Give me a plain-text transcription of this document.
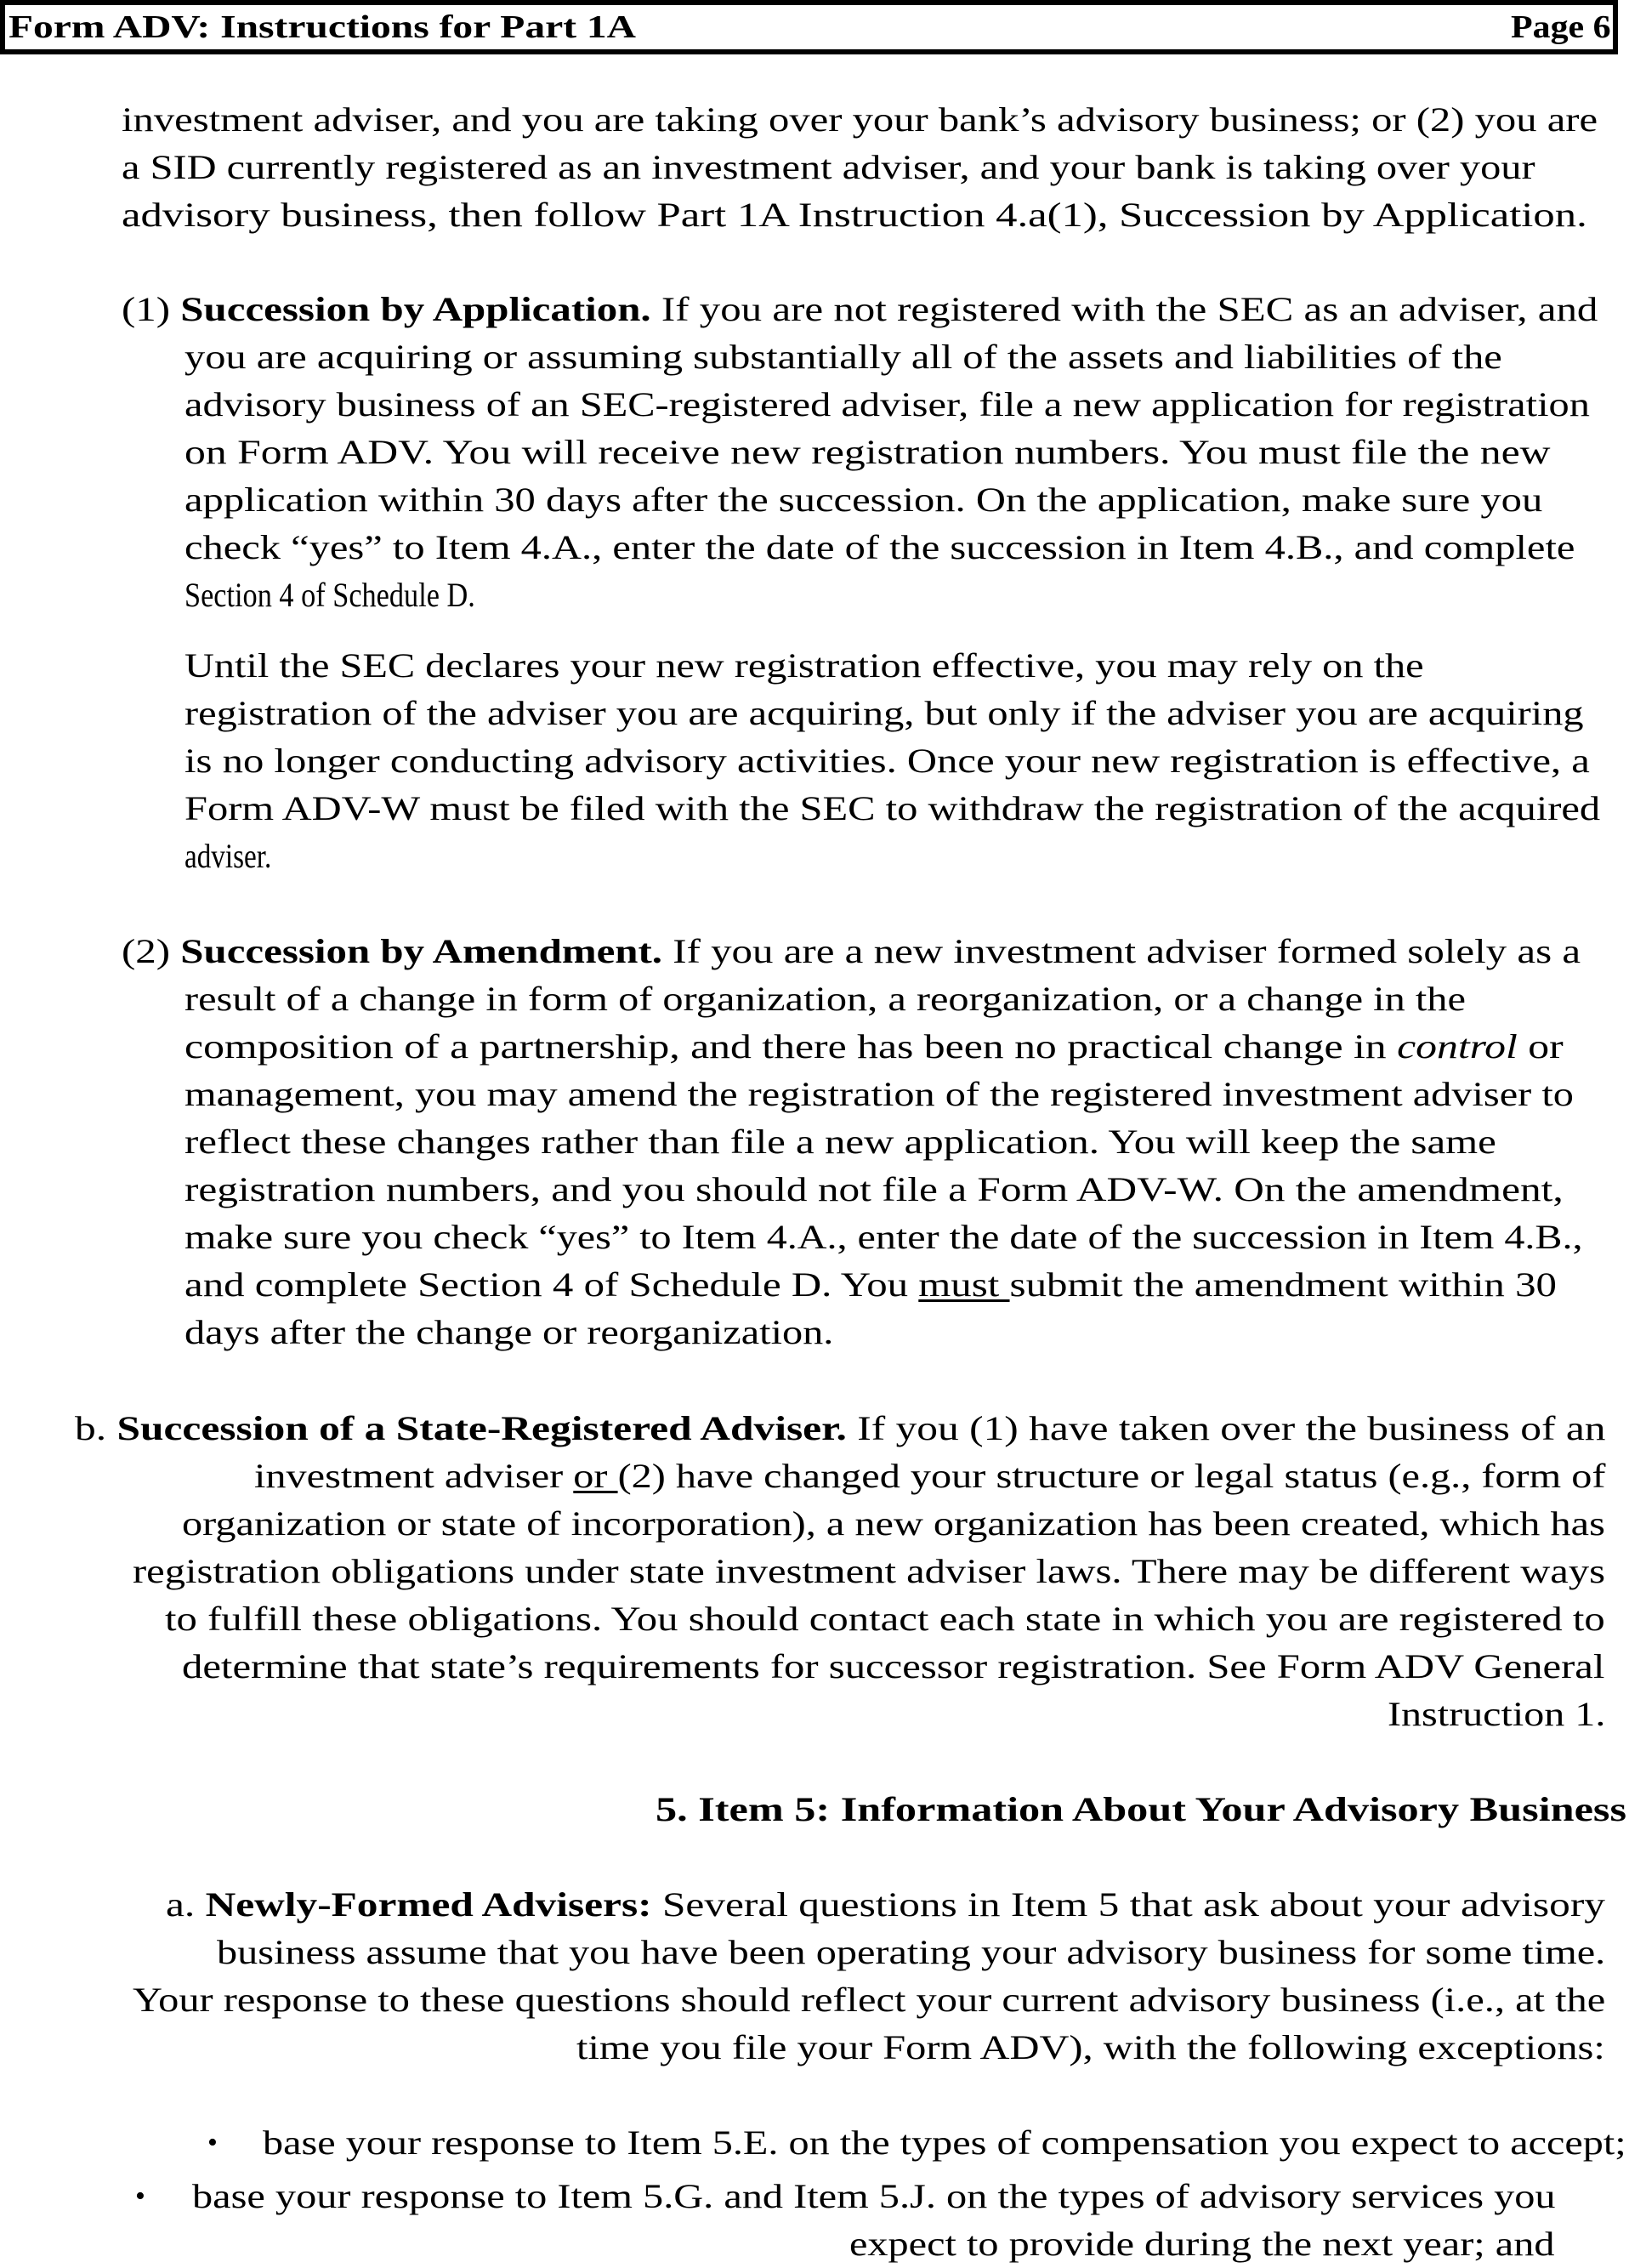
Form ADV: Instructions for Part 1A	Page 6
investment adviser, and you are taking over your bank’s advisory business; or (2) you are
a SID currently registered as an investment adviser, and your bank is taking over your
advisory business, then follow Part 1A Instruction 4.a(1), Succession by Application.
(1) Succession by Application. If you are not registered with the SEC as an adviser, and
you are acquiring or assuming substantially all of the assets and liabilities of the
advisory business of an SEC-registered adviser, file a new application for registration
on Form ADV. You will receive new registration numbers. You must file the new
application within 30 days after the succession. On the application, make sure you
check “yes” to Item 4.A., enter the date of the succession in Item 4.B., and complete
Section 4 of Schedule D.
Until the SEC declares your new registration effective, you may rely on the
registration of the adviser you are acquiring, but only if the adviser you are acquiring
is no longer conducting advisory activities. Once your new registration is effective, a
Form ADV-W must be filed with the SEC to withdraw the registration of the acquired
adviser.
(2) Succession by Amendment. If you are a new investment adviser formed solely as a
result of a change in form of organization, a reorganization, or a change in the
composition of a partnership, and there has been no practical change in control or
management, you may amend the registration of the registered investment adviser to
reflect these changes rather than file a new application. You will keep the same
registration numbers, and you should not file a Form ADV-W. On the amendment,
make sure you check “yes” to Item 4.A., enter the date of the succession in Item 4.B.,
and complete Section 4 of Schedule D. You must submit the amendment within 30
days after the change or reorganization.
b. Succession of a State-Registered Adviser. If you (1) have taken over the business of an
investment adviser or (2) have changed your structure or legal status (e.g., form of
organization or state of incorporation), a new organization has been created, which has
registration obligations under state investment adviser laws. There may be different ways
to fulfill these obligations. You should contact each state in which you are registered to
determine that state’s requirements for successor registration. See Form ADV General
Instruction 1.
5. Item 5: Information About Your Advisory Business
a. Newly-Formed Advisers: Several questions in Item 5 that ask about your advisory
business assume that you have been operating your advisory business for some time.
Your response to these questions should reflect your current advisory business (i.e., at the
time you file your Form ADV), with the following exceptions:
• base your response to Item 5.E. on the types of compensation you expect to accept;
• base your response to Item 5.G. and Item 5.J. on the types of advisory services you
expect to provide during the next year; and
